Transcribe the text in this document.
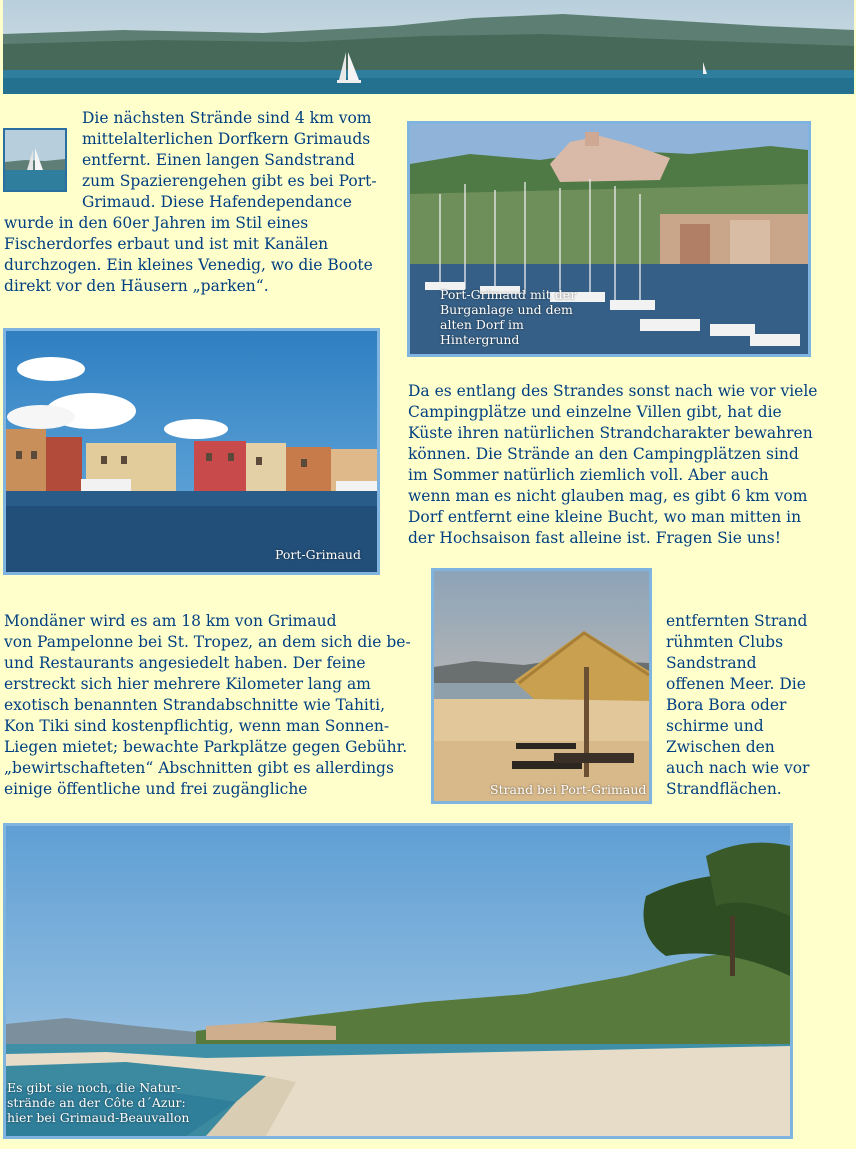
Die nächsten Strände sind 4 km vom
mittelalterlichen Dorfkern Grimauds
entfernt. Einen langen Sandstrand
zum Spazierengehen gibt es bei Port-
Grimaud. Diese Hafendependance
wurde in den 60er Jahren im Stil eines
Fischerdorfes erbaut und ist mit Kanälen
durchzogen. Ein kleines Venedig, wo die Boote
direkt vor den Häusern „parken“.	Port-Grimaud mit der
Burganlage und dem
alten Dorf im
Hintergrund
Port-Grimaud
Da es entlang des Strandes sonst nach wie vor viele
Campingplätze und einzelne Villen gibt, hat die
Küste ihren natürlichen Strandcharakter bewahren
können. Die Strände an den Campingplätzen sind
im Sommer natürlich ziemlich voll. Aber auch
wenn man es nicht glauben mag, es gibt 6 km vom
Dorf entfernt eine kleine Bucht, wo man mitten in
der Hochsaison fast alleine ist. Fragen Sie uns!
Mondäner wird es am 18 km von Grimaud
von Pampelonne bei St. Tropez, an dem sich die be-
und Restaurants angesiedelt haben. Der feine
erstreckt sich hier mehrere Kilometer lang am
exotisch benannten Strandabschnitte wie Tahiti,
Kon Tiki sind kostenpflichtig, wenn man Sonnen-
Liegen mietet; bewachte Parkplätze gegen Gebühr.
„bewirtschafteten“ Abschnitten gibt es allerdings
einige öffentliche und frei zugängliche	Strand bei Port-Grimaud
entfernten Strand
rühmten Clubs
Sandstrand
offenen Meer. Die
Bora Bora oder
schirme und
Zwischen den
auch nach wie vor
Strandflächen.
Es gibt sie noch, die Natur-
strände an der Côte d´Azur:
hier bei Grimaud-Beauvallon
